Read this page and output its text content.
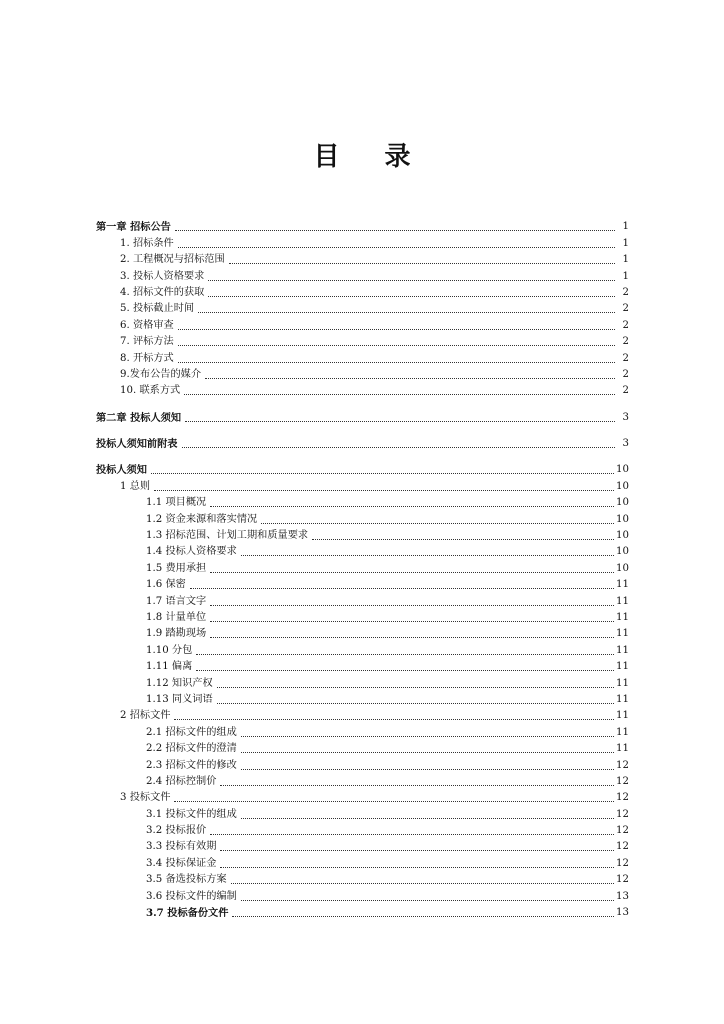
目 录
第一章 招标公告	1
1. 招标条件	1
2. 工程概况与招标范围	1
3. 投标人资格要求	1
4. 招标文件的获取	2
5. 投标截止时间	2
6. 资格审查	2
7. 评标方法	2
8. 开标方式	2
9.发布公告的媒介	2
10. 联系方式	2
第二章 投标人须知	3
投标人须知前附表	3
投标人须知	10
1 总则	10
1.1 项目概况	10
1.2 资金来源和落实情况	10
1.3 招标范围、计划工期和质量要求	10
1.4 投标人资格要求	10
1.5 费用承担	10
1.6 保密	11
1.7 语言文字	11
1.8 计量单位	11
1.9 踏勘现场	11
1.10 分包	11
1.11 偏离	11
1.12 知识产权	11
1.13 同义词语	11
2 招标文件	11
2.1 招标文件的组成	11
2.2 招标文件的澄清	11
2.3 招标文件的修改	12
2.4 招标控制价	12
3 投标文件	12
3.1 投标文件的组成	12
3.2 投标报价	12
3.3 投标有效期	12
3.4 投标保证金	12
3.5 备选投标方案	12
3.6 投标文件的编制	13
3.7 投标备份文件	13
